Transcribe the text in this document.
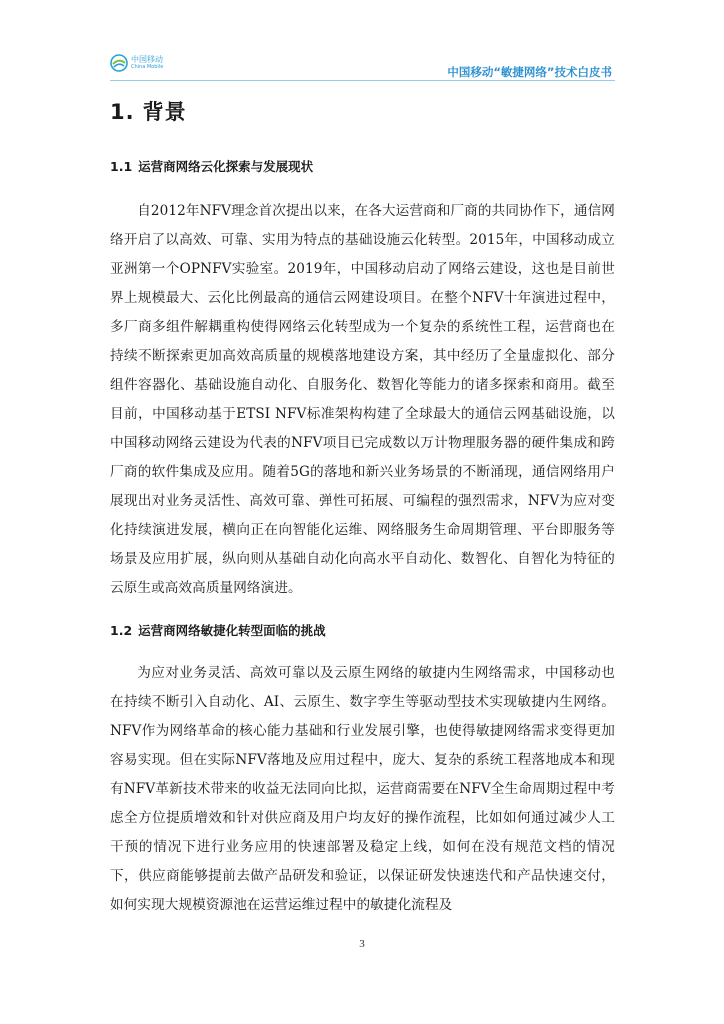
中国移动
China Mobile	中国移动“敏捷网络”技术白皮书
1. 背景
1.1 运营商网络云化探索与发展现状

自2012年NFV理念首次提出以来，在各大运营商和厂商的共同协作下，通信网络开启了以高效、可靠、实用为特点的基础设施云化转型。2015年，中国移动成立亚洲第一个OPNFV实验室。2019年，中国移动启动了网络云建设，这也是目前世界上规模最大、云化比例最高的通信云网建设项目。在整个NFV十年演进过程中，多厂商多组件解耦重构使得网络云化转型成为一个复杂的系统性工程，运营商也在持续不断探索更加高效高质量的规模落地建设方案，其中经历了全量虚拟化、部分组件容器化、基础设施自动化、自服务化、数智化等能力的诸多探索和商用。截至目前，中国移动基于ETSI NFV标准架构构建了全球最大的通信云网基础设施，以中国移动网络云建设为代表的NFV项目已完成数以万计物理服务器的硬件集成和跨厂商的软件集成及应用。随着5G的落地和新兴业务场景的不断涌现，通信网络用户展现出对业务灵活性、高效可靠、弹性可拓展、可编程的强烈需求，NFV为应对变化持续演进发展，横向正在向智能化运维、网络服务生命周期管理、平台即服务等场景及应用扩展，纵向则从基础自动化向高水平自动化、数智化、自智化为特征的云原生或高效高质量网络演进。

1.2 运营商网络敏捷化转型面临的挑战

为应对业务灵活、高效可靠以及云原生网络的敏捷内生网络需求，中国移动也在持续不断引入自动化、AI、云原生、数字孪生等驱动型技术实现敏捷内生网络。NFV作为网络革命的核心能力基础和行业发展引擎，也使得敏捷网络需求变得更加容易实现。但在实际NFV落地及应用过程中，庞大、复杂的系统工程落地成本和现有NFV革新技术带来的收益无法同向比拟，运营商需要在NFV全生命周期过程中考虑全方位提质增效和针对供应商及用户均友好的操作流程，比如如何通过减少人工干预的情况下进行业务应用的快速部署及稳定上线，如何在没有规范文档的情况下，供应商能够提前去做产品研发和验证，以保证研发快速迭代和产品快速交付，如何实现大规模资源池在运营运维过程中的敏捷化流程及

3
